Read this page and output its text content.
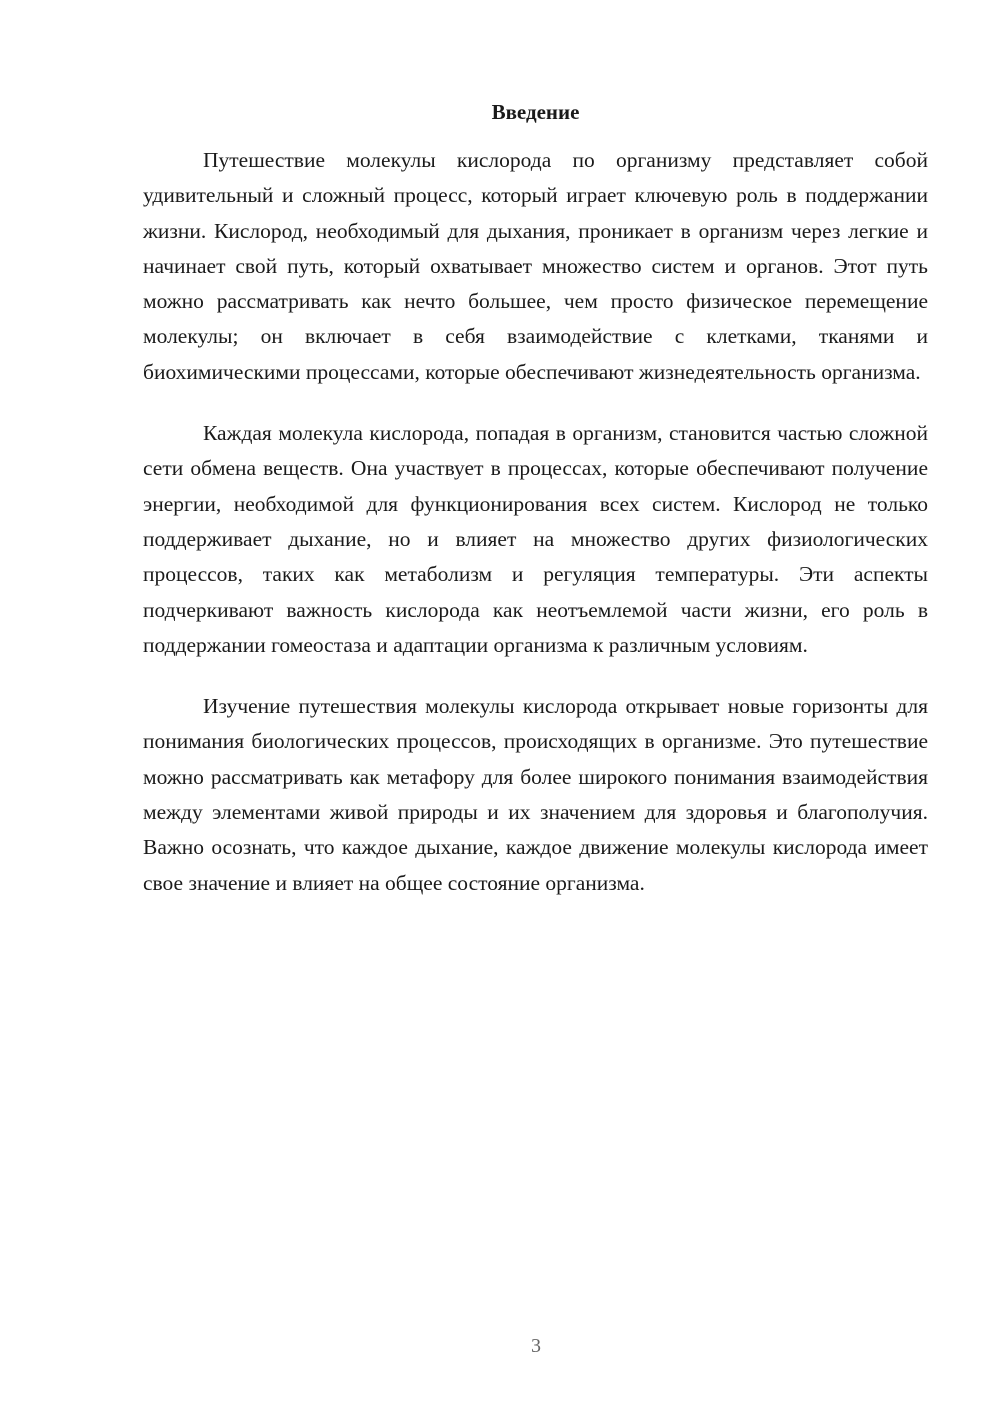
Введение

Путешествие молекулы кислорода по организму представляет собой удивительный и сложный процесс, который играет ключевую роль в поддержании жизни. Кислород, необходимый для дыхания, проникает в организм через легкие и начинает свой путь, который охватывает множество систем и органов. Этот путь можно рассматривать как нечто большее, чем просто физическое перемещение молекулы; он включает в себя взаимодействие с клетками, тканями и биохимическими процессами, которые обеспечивают жизнедеятельность организма.

Каждая молекула кислорода, попадая в организм, становится частью сложной сети обмена веществ. Она участвует в процессах, которые обеспечивают получение энергии, необходимой для функционирования всех систем. Кислород не только поддерживает дыхание, но и влияет на множество других физиологических процессов, таких как метаболизм и регуляция температуры. Эти аспекты подчеркивают важность кислорода как неотъемлемой части жизни, его роль в поддержании гомеостаза и адаптации организма к различным условиям.

Изучение путешествия молекулы кислорода открывает новые горизонты для понимания биологических процессов, происходящих в организме. Это путешествие можно рассматривать как метафору для более широкого понимания взаимодействия между элементами живой природы и их значением для здоровья и благополучия. Важно осознать, что каждое дыхание, каждое движение молекулы кислорода имеет свое значение и влияет на общее состояние организма.

3
